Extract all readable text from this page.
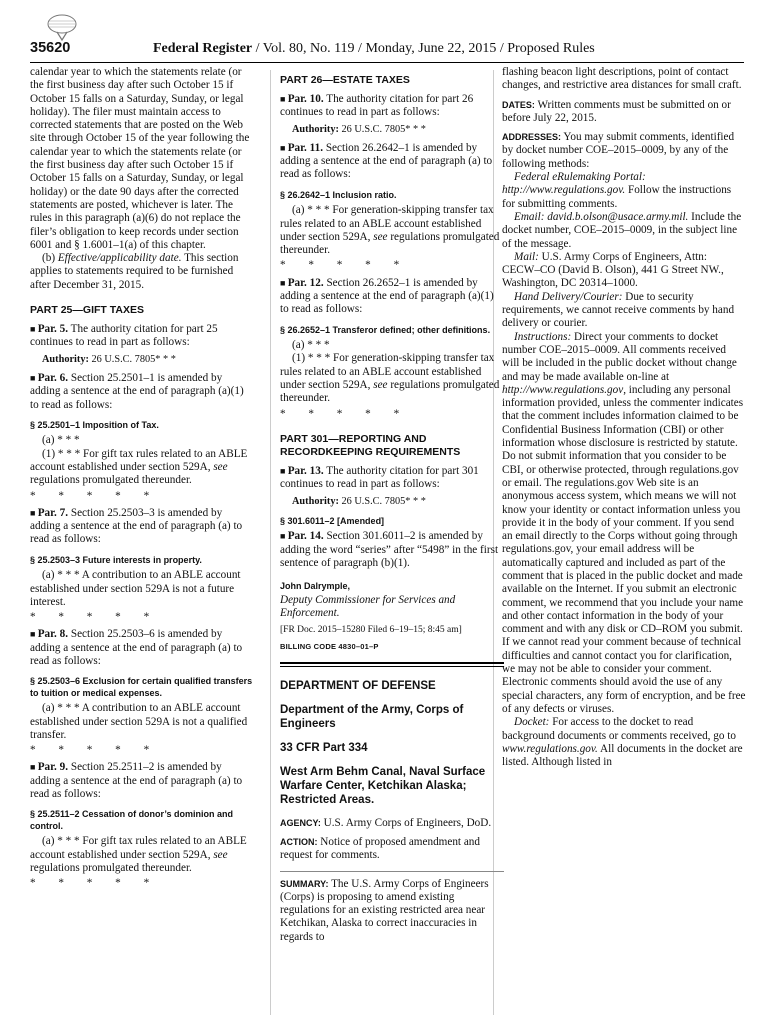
35620	Federal Register / Vol. 80, No. 119 / Monday, June 22, 2015 / Proposed Rules

calendar year to which the statements relate (or the first business day after such October 15 if October 15 falls on a Saturday, Sunday, or legal holiday). The filer must maintain access to corrected statements that are posted on the Web site through October 15 of the year following the calendar year to which the statements relate (or the first business day after such October 15 if October 15 falls on a Saturday, Sunday, or legal holiday) or the date 90 days after the corrected statements are posted, whichever is later. The rules in this paragraph (a)(6) do not replace the filer’s obligation to keep records under section 6001 and § 1.6001–1(a) of this chapter.

(b) Effective/applicability date. This section applies to statements required to be furnished after December 31, 2015.

PART 25—GIFT TAXES

■ Par. 5. The authority citation for part 25 continues to read in part as follows:

Authority: 26 U.S.C. 7805* * *

■ Par. 6. Section 25.2501–1 is amended by adding a sentence at the end of paragraph (a)(1) to read as follows:

§ 25.2501–1 Imposition of Tax.

(a) * * *

(1) * * * For gift tax rules related to an ABLE account established under section 529A, see regulations promulgated thereunder.

* * * * *

■ Par. 7. Section 25.2503–3 is amended by adding a sentence at the end of paragraph (a) to read as follows:

§ 25.2503–3 Future interests in property.

(a) * * * A contribution to an ABLE account established under section 529A is not a future interest.

* * * * *

■ Par. 8. Section 25.2503–6 is amended by adding a sentence at the end of paragraph (a) to read as follows:

§ 25.2503–6 Exclusion for certain qualified transfers to tuition or medical expenses.

(a) * * * A contribution to an ABLE account established under section 529A is not a qualified transfer.

* * * * *

■ Par. 9. Section 25.2511–2 is amended by adding a sentence at the end of paragraph (a) to read as follows:

§ 25.2511–2 Cessation of donor’s dominion and control.

(a) * * * For gift tax rules related to an ABLE account established under section 529A, see regulations promulgated thereunder.

* * * * *

PART 26—ESTATE TAXES

■ Par. 10. The authority citation for part 26 continues to read in part as follows:

Authority: 26 U.S.C. 7805* * *

■ Par. 11. Section 26.2642–1 is amended by adding a sentence at the end of paragraph (a) to read as follows:

§ 26.2642–1 Inclusion ratio.

(a) * * * For generation-skipping transfer tax rules related to an ABLE account established under section 529A, see regulations promulgated thereunder.

* * * * *

■ Par. 12. Section 26.2652–1 is amended by adding a sentence at the end of paragraph (a)(1) to read as follows:

§ 26.2652–1 Transferor defined; other definitions.

(a) * * *

(1) * * * For generation-skipping transfer tax rules related to an ABLE account established under section 529A, see regulations promulgated thereunder.

* * * * *

PART 301—REPORTING AND RECORDKEEPING REQUIREMENTS

■ Par. 13. The authority citation for part 301 continues to read in part as follows:

Authority: 26 U.S.C. 7805* * *

§ 301.6011–2 [Amended]

■ Par. 14. Section 301.6011–2 is amended by adding the word “series” after “5498” in the first sentence of paragraph (b)(1).

John Dalrymple,

Deputy Commissioner for Services and Enforcement.

[FR Doc. 2015–15280 Filed 6–19–15; 8:45 am]

BILLING CODE 4830–01–P
DEPARTMENT OF DEFENSE
Department of the Army, Corps of Engineers
33 CFR Part 334
West Arm Behm Canal, Naval Surface Warfare Center, Ketchikan Alaska; Restricted Areas.

AGENCY: U.S. Army Corps of Engineers, DoD.

ACTION: Notice of proposed amendment and request for comments.

SUMMARY: The U.S. Army Corps of Engineers (Corps) is proposing to amend existing regulations for an existing restricted area near Ketchikan, Alaska to correct inaccuracies in regards to

flashing beacon light descriptions, point of contact changes, and restrictive area distances for small craft.

DATES: Written comments must be submitted on or before July 22, 2015.

ADDRESSES: You may submit comments, identified by docket number COE–2015–0009, by any of the following methods:

Federal eRulemaking Portal: http://www.regulations.gov. Follow the instructions for submitting comments.

Email: david.b.olson@usace.army.mil. Include the docket number, COE–2015–0009, in the subject line of the message.

Mail: U.S. Army Corps of Engineers, Attn: CECW–CO (David B. Olson), 441 G Street NW., Washington, DC 20314–1000.

Hand Delivery/Courier: Due to security requirements, we cannot receive comments by hand delivery or courier.

Instructions: Direct your comments to docket number COE–2015–0009. All comments received will be included in the public docket without change and may be made available on-line at http://www.regulations.gov, including any personal information provided, unless the commenter indicates that the comment includes information claimed to be Confidential Business Information (CBI) or other information whose disclosure is restricted by statute. Do not submit information that you consider to be CBI, or otherwise protected, through regulations.gov or email. The regulations.gov Web site is an anonymous access system, which means we will not know your identity or contact information unless you provide it in the body of your comment. If you send an email directly to the Corps without going through regulations.gov, your email address will be automatically captured and included as part of the comment that is placed in the public docket and made available on the Internet. If you submit an electronic comment, we recommend that you include your name and other contact information in the body of your comment and with any disk or CD–ROM you submit. If we cannot read your comment because of technical difficulties and cannot contact you for clarification, we may not be able to consider your comment. Electronic comments should avoid the use of any special characters, any form of encryption, and be free of any defects or viruses.

Docket: For access to the docket to read background documents or comments received, go to www.regulations.gov. All documents in the docket are listed. Although listed in
